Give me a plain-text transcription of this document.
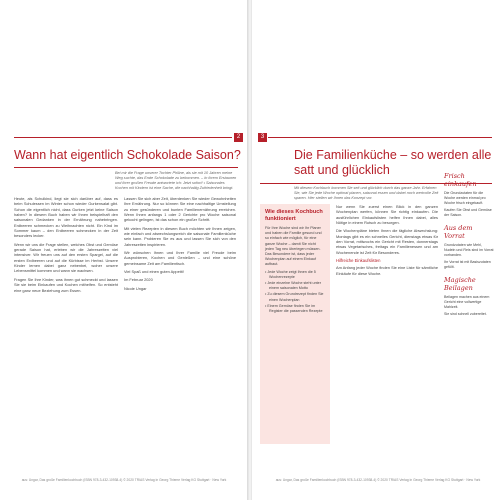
2
Wann hat eigentlich Schokolade Saison?
Bei mir die Frage unserer Tochter Philine, als sie mit 10 Jahren meine Weg suchte, das Ende Schokolade zu bekommen. – In ihrem Erstaunen und ihrer großen Freude antwortete ich: Jetzt sofort! • Saisonales Kochen mit Kindern ist eine Sache, die nachhaltig Zufriedenheit bringt.

Heute, als Schulkind, liegt sie sich darüber auf, dass es beim Schulessen im Winter schon wieder Gurkensalat gibt. Schon die eigentlich nicht, dass Gurken jetzt keine Saison haben? In diesem Buch haben wir Ihnen beispielhaft den saisonalen Gedanken in der Ernährung nahebringen. Erdbeeren schmecken zu Weihnachten nicht. Ein Kind im Sommer kaum – den Erdbeeren schmecken in der Zeit besonders lecker.

Wenn wir uns die Frage stellen, welches Obst und Gemüse gerade Saison hat, erleben wir die Jahreszeiten viel intensiver. Wir freuen uns auf den ersten Spargel, auf die ersten Erdbeeren und auf die Kürbisse im Herbst. Unsere Kinder lernen dabei ganz nebenbei, woher unsere Lebensmittel kommen und wann sie wachsen.

Fragen Sie Ihre Kinder, was ihnen gut schmeckt und lassen Sie sie beim Einkaufen und Kochen mithelfen. So entsteht eine ganz neue Beziehung zum Essen.

Lassen Sie sich aber Zeit, überdenken Sie wieder Gewohnheiten Ihre Ernährung. Nur so können Sie eine nachhaltige Umstellung zu einer gesünderen und bunten Familienernährung erreichen. Wenn Ihnen anfangs 1 oder 2 Gerichte pro Woche saisonal gekocht gelingen, ist das schon ein großer Schritt.

Mit vielen Rezepten in diesem Buch möchten wir Ihnen zeigen, wie einfach und abwechslungsreich die saisonale Familienküche sein kann. Probieren Sie es aus und lassen Sie sich von den Jahreszeiten inspirieren.

Wir wünschen Ihnen und Ihrer Familie viel Freude beim Ausprobieren, Kochen und Genießen – und eine schöne gemeinsame Zeit am Familientisch.

Viel Spaß und einen guten Appetit!
Im Februar 2020
Nicole Ungar
aus: Ungar, Das große Familienkochbuch (ISBN 978-3-432-10938-4) © 2020 TRIAS Verlag in Georg Thieme Verlag KG Stuttgart · New York
3
Die Familienküche – so werden alle satt und glücklich
Mit diesem Kochbuch kommen Sie seit und glücklich durch das ganze Jahr. Erfahren Sie, wie Sie jede Woche optimal planen, saisonal essen und dabei noch wertvolle Zeit sparen. Hier stellen wir Ihnen das Konzept vor.
Wie dieses Kochbuch funktioniert
Für Ihre Woche sind wir Ihr Planer und haben die Familie gesund und so einfach wie möglich, für eine ganze Woche – damit Sie nicht jeden Tag neu überlegen müssen. Das Besondere ist, dass jeder Wochenplan auf einem Einkauf aufbaut.
• Jede Woche zeigt Ihnen die 5 Wochenrezepte
• Jede einzelne Woche steht unter einem saisonalen Motto
• Zu diesem Grundrezept finden Sie einen Wochenplan
• Einem Gemüse finden Sie im Register die passenden Rezepte

Nur wenn Sie zuerst einen Blick in den ganzen Wochenplan werfen, können Sie richtig einkaufen. Die ausführlichen Einkaufslisten helfen Ihnen dabei, alles Nötige in einem Rutsch zu besorgen.

Die Wochenpläne bieten Ihnen die tägliche Abwechslung: Montags gibt es ein schnelles Gericht, dienstags etwas für den Vorrat, mittwochs ein Gericht mit Resten, donnerstags etwas Vegetarisches, freitags ein Familienessen und am Wochenende ist Zeit für Besonderes.

Hilfreiche Einkaufslisten

Am Anfang jeder Woche finden Sie eine Liste für sämtliche Einkäufe für diese Woche.

Frisch einkaufen
Die Grundzutaten für die Woche werden einmal pro Woche frisch eingekauft.
Kaufen Sie Obst und Gemüse der Saison.
Aus dem Vorrat
Grundzutaten wie Mehl, Nudeln und Reis sind im Vorrat vorhanden.
Ihr Vorrat ist mit Basiszutaten gefüllt.
Magische Beilagen
Beilagen machen aus einem Gericht eine vollwertige Mahlzeit.
Sie sind schnell zubereitet.
aus: Ungar, Das große Familienkochbuch (ISBN 978-3-432-10938-4) © 2020 TRIAS Verlag in Georg Thieme Verlag KG Stuttgart · New York
